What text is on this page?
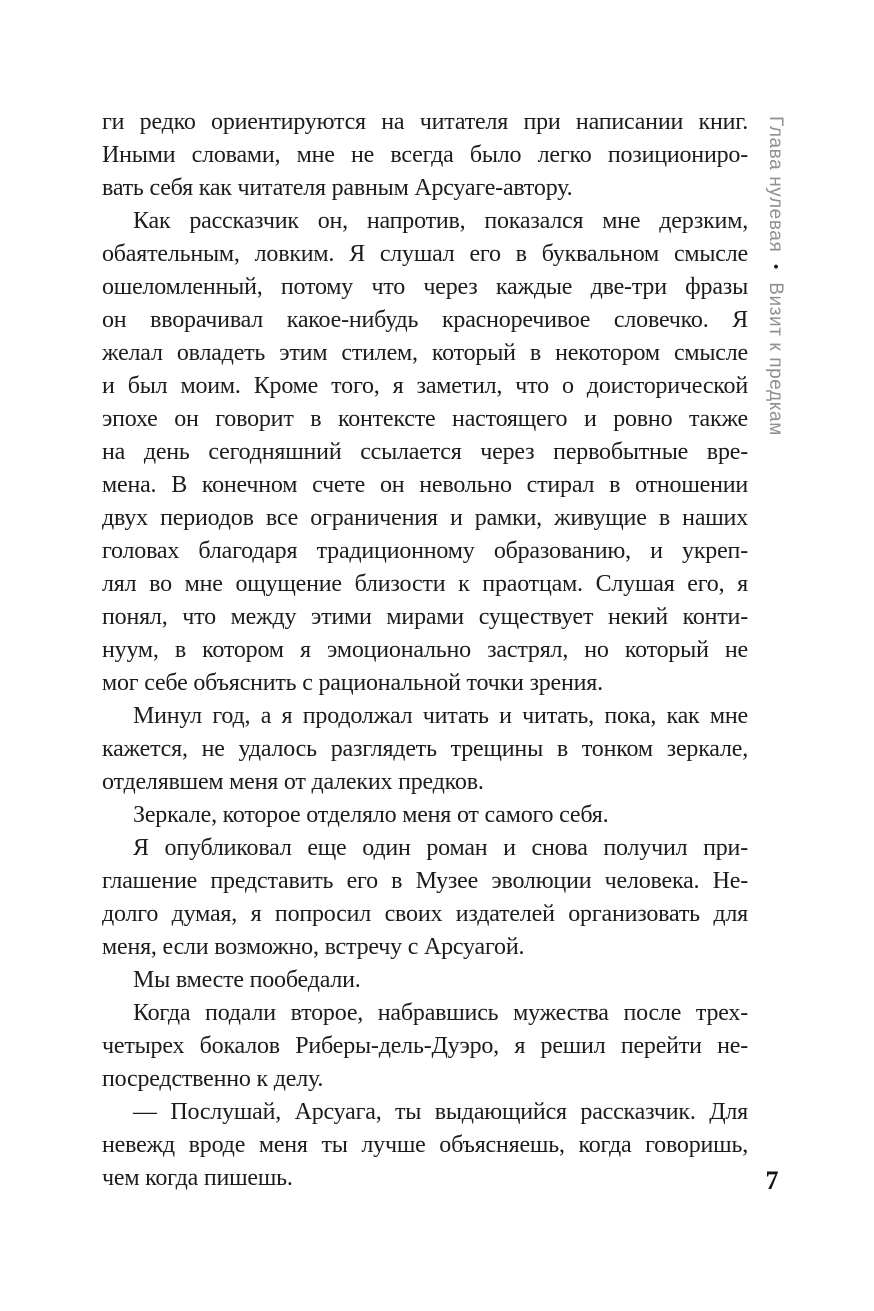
ги редко ориентируются на читателя при написании книг.
Иными словами, мне не всегда было легко позициониро-
вать себя как читателя равным Арсуаге-автору.
Как рассказчик он, напротив, показался мне дерзким,
обаятельным, ловким. Я слушал его в буквальном смысле
ошеломленный, потому что через каждые две-три фразы
он вворачивал какое-нибудь красноречивое словечко. Я
желал овладеть этим стилем, который в некотором смысле
и был моим. Кроме того, я заметил, что о доисторической
эпохе он говорит в контексте настоящего и ровно также
на день сегодняшний ссылается через первобытные вре-
мена. В конечном счете он невольно стирал в отношении
двух периодов все ограничения и рамки, живущие в наших
головах благодаря традиционному образованию, и укреп-
лял во мне ощущение близости к праотцам. Слушая его, я
понял, что между этими мирами существует некий конти-
нуум, в котором я эмоционально застрял, но который не
мог себе объяснить с рациональной точки зрения.
Минул год, а я продолжал читать и читать, пока, как мне
кажется, не удалось разглядеть трещины в тонком зеркале,
отделявшем меня от далеких предков.
Зеркале, которое отделяло меня от самого себя.
Я опубликовал еще один роман и снова получил при-
глашение представить его в Музее эволюции человека. Не-
долго думая, я попросил своих издателей организовать для
меня, если возможно, встречу с Арсуагой.
Мы вместе пообедали.
Когда подали второе, набравшись мужества после трех-
четырех бокалов Риберы-дель-Дуэро, я решил перейти не-
посредственно к делу.
— Послушай, Арсуага, ты выдающийся рассказчик. Для
невежд вроде меня ты лучше объясняешь, когда говоришь,
чем когда пишешь.
Глава нулевая•Визит к предкам
7
